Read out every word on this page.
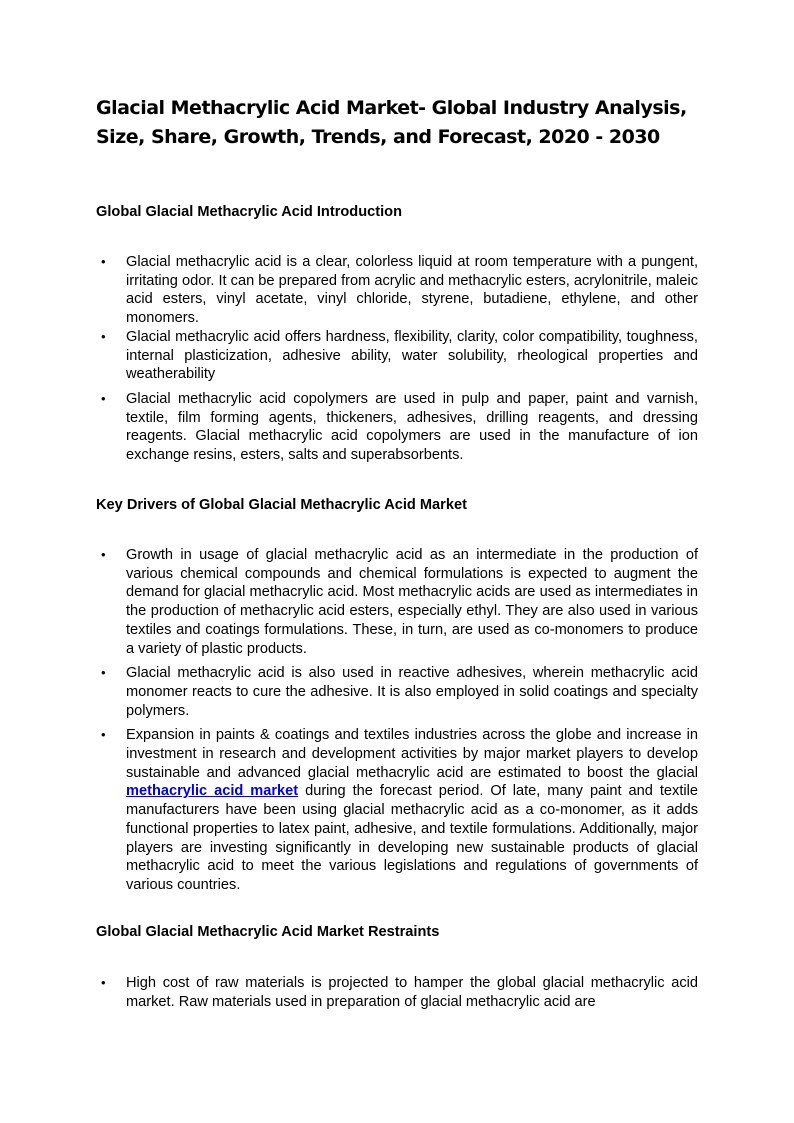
Glacial Methacrylic Acid Market- Global Industry Analysis, Size, Share, Growth, Trends, and Forecast, 2020 - 2030
Global Glacial Methacrylic Acid Introduction
• Glacial methacrylic acid is a clear, colorless liquid at room temperature with a pungent, irritating odor. It can be prepared from acrylic and methacrylic esters, acrylonitrile, maleic acid esters, vinyl acetate, vinyl chloride, styrene, butadiene, ethylene, and other monomers.
• Glacial methacrylic acid offers hardness, flexibility, clarity, color compatibility, toughness, internal plasticization, adhesive ability, water solubility, rheological properties and weatherability
• Glacial methacrylic acid copolymers are used in pulp and paper, paint and varnish, textile, film forming agents, thickeners, adhesives, drilling reagents, and dressing reagents. Glacial methacrylic acid copolymers are used in the manufacture of ion exchange resins, esters, salts and superabsorbents.
Key Drivers of Global Glacial Methacrylic Acid Market
• Growth in usage of glacial methacrylic acid as an intermediate in the production of various chemical compounds and chemical formulations is expected to augment the demand for glacial methacrylic acid. Most methacrylic acids are used as intermediates in the production of methacrylic acid esters, especially ethyl. They are also used in various textiles and coatings formulations. These, in turn, are used as co-monomers to produce a variety of plastic products.
• Glacial methacrylic acid is also used in reactive adhesives, wherein methacrylic acid monomer reacts to cure the adhesive. It is also employed in solid coatings and specialty polymers.
• Expansion in paints & coatings and textiles industries across the globe and increase in investment in research and development activities by major market players to develop sustainable and advanced glacial methacrylic acid are estimated to boost the glacial methacrylic acid market during the forecast period. Of late, many paint and textile manufacturers have been using glacial methacrylic acid as a co-monomer, as it adds functional properties to latex paint, adhesive, and textile formulations. Additionally, major players are investing significantly in developing new sustainable products of glacial methacrylic acid to meet the various legislations and regulations of governments of various countries.
Global Glacial Methacrylic Acid Market Restraints
• High cost of raw materials is projected to hamper the global glacial methacrylic acid market. Raw materials used in preparation of glacial methacrylic acid are
